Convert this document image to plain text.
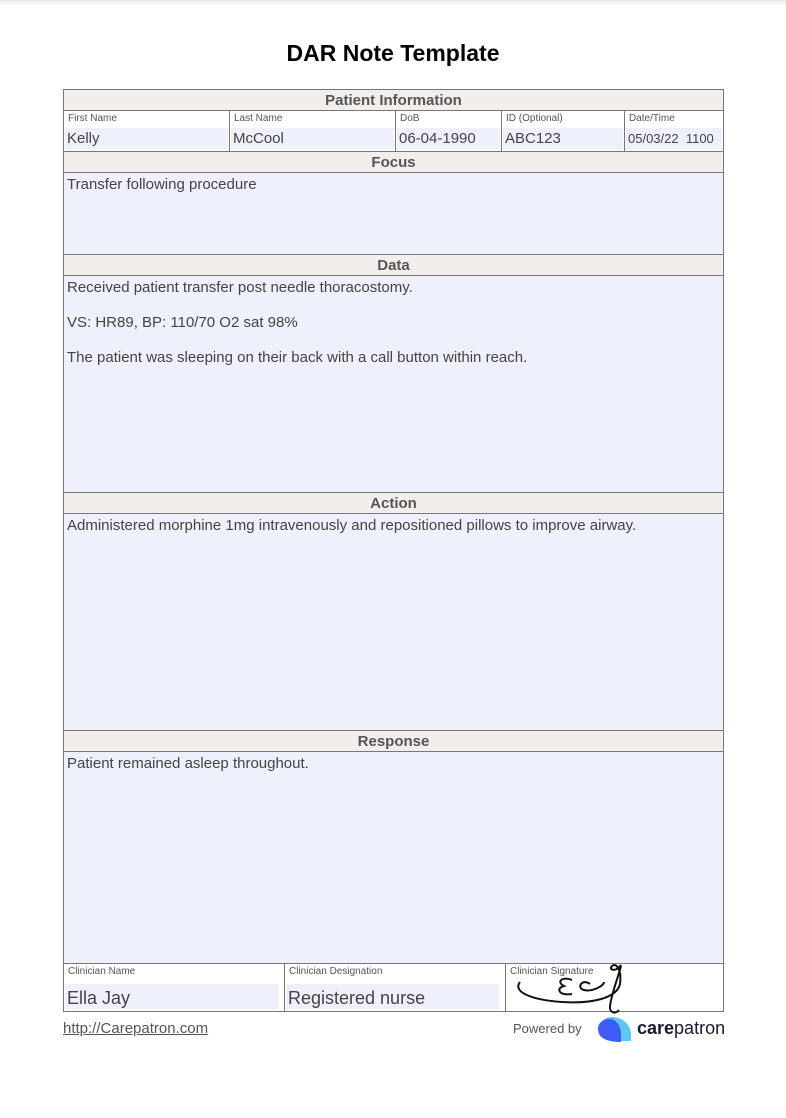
DAR Note Template
Patient Information
First Name
Kelly
Last Name
McCool
DoB
06-04-1990
ID (Optional)
ABC123
Date/Time
05/03/22  1100
Focus

Transfer following procedure

Data

Received patient transfer post needle thoracostomy.

VS: HR89, BP: 110/70 O2 sat 98%

The patient was sleeping on their back with a call button within reach.

Action

Administered morphine 1mg intravenously and repositioned pillows to improve airway.

Response

Patient remained asleep throughout.

Clinician Name
Ella Jay
Clinician Designation
Registered nurse
Clinician Signature
http://Carepatron.com	Powered by	carepatron
